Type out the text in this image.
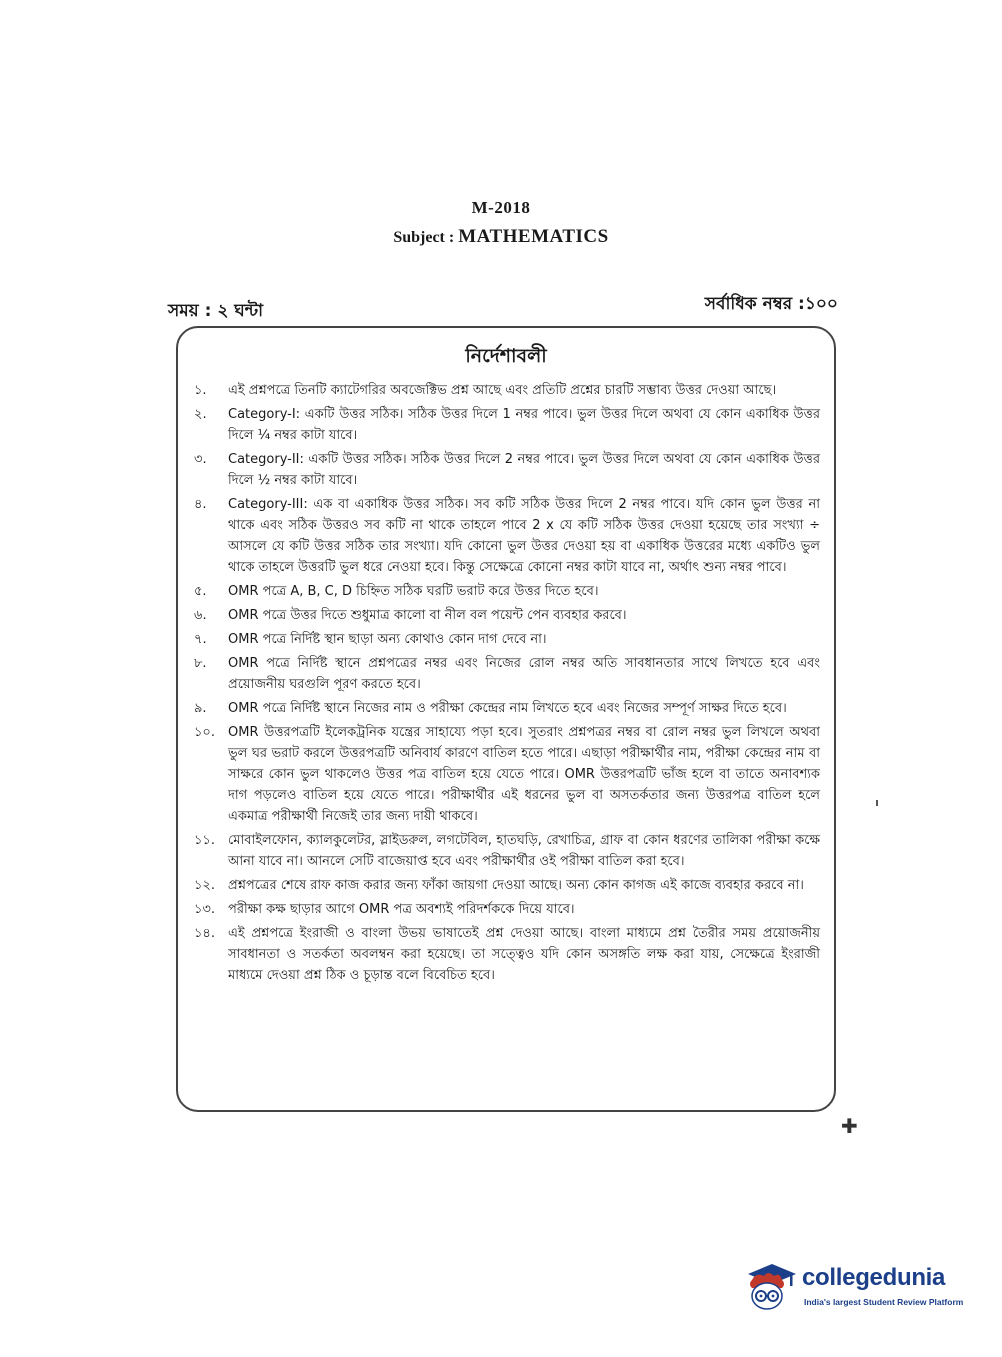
M-2018
Subject : MATHEMATICS
সময় : ২ ঘন্টা	সর্বাধিক নম্বর :১০০
নির্দেশাবলী
১.	এই প্রশ্নপত্রে তিনটি ক্যাটেগরির অবজেক্টিভ প্রশ্ন আছে এবং প্রতিটি প্রশ্নের চারটি সম্ভাব্য উত্তর দেওয়া আছে।
২.	Category-I: একটি উত্তর সঠিক। সঠিক উত্তর দিলে 1 নম্বর পাবে। ভুল উত্তর দিলে অথবা যে কোন একাধিক উত্তর দিলে ¼ নম্বর কাটা যাবে।
৩.	Category-II: একটি উত্তর সঠিক। সঠিক উত্তর দিলে 2 নম্বর পাবে। ভুল উত্তর দিলে অথবা যে কোন একাধিক উত্তর দিলে ½ নম্বর কাটা যাবে।
৪.	Category-III: এক বা একাধিক উত্তর সঠিক। সব কটি সঠিক উত্তর দিলে 2 নম্বর পাবে। যদি কোন ভুল উত্তর না থাকে এবং সঠিক উত্তরও সব কটি না থাকে তাহলে পাবে 2 x যে কটি সঠিক উত্তর দেওয়া হয়েছে তার সংখ্যা ÷ আসলে যে কটি উত্তর সঠিক তার সংখ্যা। যদি কোনো ভুল উত্তর দেওয়া হয় বা একাধিক উত্তরের মধ্যে একটিও ভুল থাকে তাহলে উত্তরটি ভুল ধরে নেওয়া হবে। কিন্তু সেক্ষেত্রে কোনো নম্বর কাটা যাবে না, অর্থাৎ শুন্য নম্বর পাবে।
৫.	OMR পত্রে A, B, C, D চিহ্নিত সঠিক ঘরটি ভরাট করে উত্তর দিতে হবে।
৬.	OMR পত্রে উত্তর দিতে শুধুমাত্র কালো বা নীল বল পয়েন্ট পেন ব্যবহার করবে।
৭.	OMR পত্রে নির্দিষ্ট স্থান ছাড়া অন্য কোথাও কোন দাগ দেবে না।
৮.	OMR পত্রে নির্দিষ্ট স্থানে প্রশ্নপত্রের নম্বর এবং নিজের রোল নম্বর অতি সাবধানতার সাথে লিখতে হবে এবং প্রয়োজনীয় ঘরগুলি পূরণ করতে হবে।
৯.	OMR পত্রে নির্দিষ্ট স্থানে নিজের নাম ও পরীক্ষা কেন্দ্রের নাম লিখতে হবে এবং নিজের সম্পূর্ণ সাক্ষর দিতে হবে।
১০. OMR উত্তরপত্রটি ইলেকট্রনিক যন্ত্রের সাহায্যে পড়া হবে। সুতরাং প্রশ্নপত্রর নম্বর বা রোল নম্বর ভুল লিখলে অথবা ভুল ঘর ভরাট করলে উত্তরপত্রটি অনিবার্য কারণে বাতিল হতে পারে। এছাড়া পরীক্ষার্থীর নাম, পরীক্ষা কেন্দ্রের নাম বা সাক্ষরে কোন ভুল থাকলেও উত্তর পত্র বাতিল হয়ে যেতে পারে। OMR উত্তরপত্রটি ভাঁজ হলে বা তাতে অনাবশ্যক দাগ পড়লেও বাতিল হয়ে যেতে পারে। পরীক্ষার্থীর এই ধরনের ভুল বা অসতর্কতার জন্য উত্তরপত্র বাতিল হলে একমাত্র পরীক্ষার্থী নিজেই তার জন্য দায়ী থাকবে।
১১. মোবাইলফোন, ক্যালকুলেটর, স্লাইডরুল, লগটেবিল, হাতঘড়ি, রেখাচিত্র, গ্রাফ বা কোন ধরণের তালিকা পরীক্ষা কক্ষে আনা যাবে না। আনলে সেটি বাজেয়াপ্ত হবে এবং পরীক্ষার্থীর ওই পরীক্ষা বাতিল করা হবে।
১২. প্রশ্নপত্রের শেষে রাফ কাজ করার জন্য ফাঁকা জায়গা দেওয়া আছে। অন্য কোন কাগজ এই কাজে ব্যবহার করবে না।
১৩. পরীক্ষা কক্ষ ছাড়ার আগে OMR পত্র অবশ্যই পরিদর্শককে দিয়ে যাবে।
১৪. এই প্রশ্নপত্রে ইংরাজী ও বাংলা উভয় ভাষাতেই প্রশ্ন দেওয়া আছে। বাংলা মাধ্যমে প্রশ্ন তৈরীর সময় প্রয়োজনীয় সাবধানতা ও সতর্কতা অবলম্বন করা হয়েছে। তা সত্ত্বেও যদি কোন অসঙ্গতি লক্ষ করা যায়, সেক্ষেত্রে ইংরাজী মাধ্যমে দেওয়া প্রশ্ন ঠিক ও চূড়ান্ত বলে বিবেচিত হবে।
✚
collegedunia
India's largest Student Review Platform
